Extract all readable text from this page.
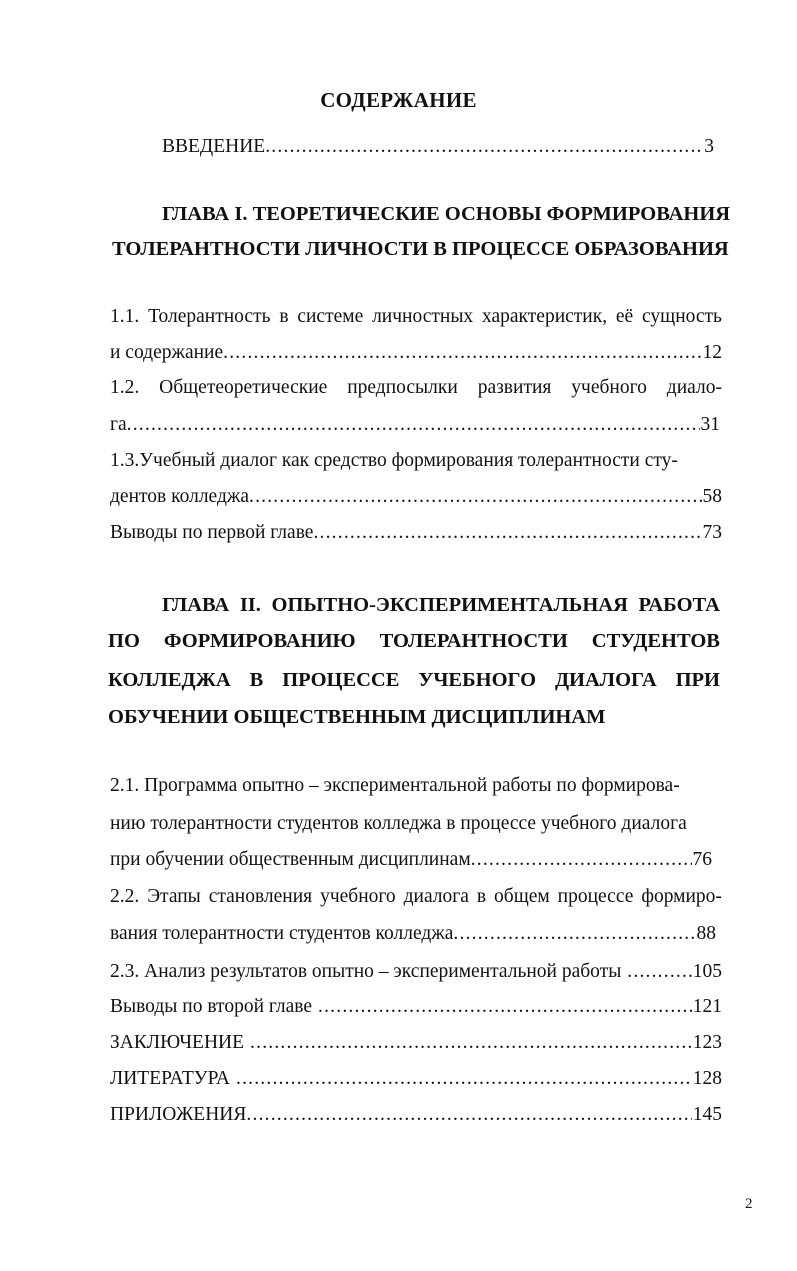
СОДЕРЖАНИЕ
ВВЕДЕНИЕ .....	3
ГЛАВА I. ТЕОРЕТИЧЕСКИЕ ОСНОВЫ ФОРМИРОВАНИЯ
ТОЛЕРАНТНОСТИ ЛИЧНОСТИ В ПРОЦЕССЕ ОБРАЗОВАНИЯ
1.1. Толерантность в системе личностных характеристик, её сущность
и содержание .....	12
1.2. Общетеоретические предпосылки развития учебного диало-
га .....	31
1.3.Учебный диалог как средство формирования толерантности сту-
дентов колледжа .....	58
Выводы по первой главе .....	73
ГЛАВА II. ОПЫТНО-ЭКСПЕРИМЕНТАЛЬНАЯ РАБОТА
ПО ФОРМИРОВАНИЮ ТОЛЕРАНТНОСТИ СТУДЕНТОВ
КОЛЛЕДЖА В ПРОЦЕССЕ УЧЕБНОГО ДИАЛОГА ПРИ
ОБУЧЕНИИ ОБЩЕСТВЕННЫМ ДИСЦИПЛИНАМ
2.1. Программа опытно – экспериментальной работы по формирова-
нию толерантности студентов колледжа в процессе учебного диалога
при обучении общественным дисциплинам .....	76
2.2. Этапы становления учебного диалога в общем процессе формиро-
вания толерантности студентов колледжа .....	88
2.3. Анализ результатов опытно – экспериментальной работы .....	105
Выводы по второй главе .....	121
ЗАКЛЮЧЕНИЕ .....	123
ЛИТЕРАТУРА .....	128
ПРИЛОЖЕНИЯ .....	145
2
